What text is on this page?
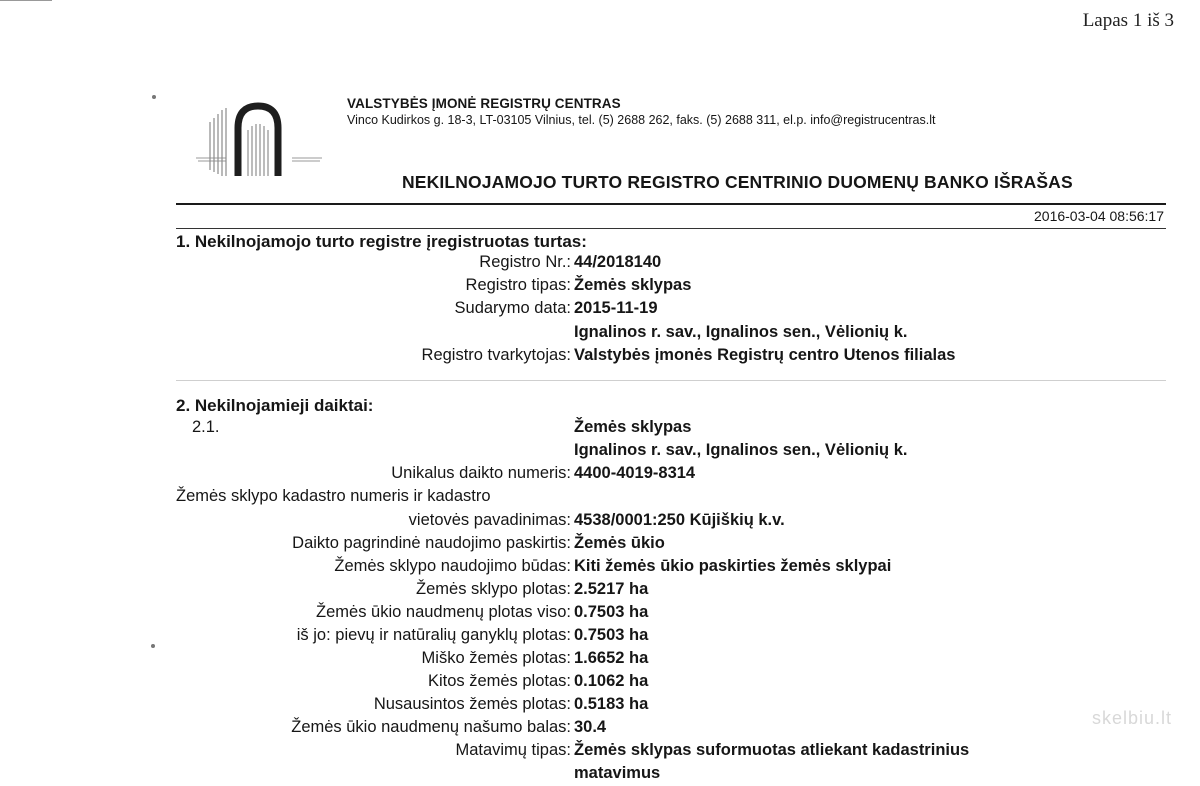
Lapas 1 iš 3
VALSTYBĖS ĮMONĖ REGISTRŲ CENTRAS
Vinco Kudirkos g. 18-3, LT-03105 Vilnius, tel. (5) 2688 262, faks. (5) 2688 311, el.p. info@registrucentras.lt
NEKILNOJAMOJO TURTO REGISTRO CENTRINIO DUOMENŲ BANKO IŠRAŠAS
2016-03-04 08:56:17
1. Nekilnojamojo turto registre įregistruotas turtas:
Registro Nr.: 44/2018140
Registro tipas: Žemės sklypas
Sudarymo data: 2015-11-19
Ignalinos r. sav., Ignalinos sen., Vėlionių k.
Registro tvarkytojas: Valstybės įmonės Registrų centro Utenos filialas
2. Nekilnojamieji daiktai:
2.1.	Žemės sklypas
Ignalinos r. sav., Ignalinos sen., Vėlionių k.
Unikalus daikto numeris: 4400-4019-8314
Žemės sklypo kadastro numeris ir kadastro
vietovės pavadinimas: 4538/0001:250 Kūjiškių k.v.
Daikto pagrindinė naudojimo paskirtis: Žemės ūkio
Žemės sklypo naudojimo būdas: Kiti žemės ūkio paskirties žemės sklypai
Žemės sklypo plotas: 2.5217 ha
Žemės ūkio naudmenų plotas viso: 0.7503 ha
iš jo: pievų ir natūralių ganyklų plotas: 0.7503 ha
Miško žemės plotas: 1.6652 ha
Kitos žemės plotas: 0.1062 ha
Nusausintos žemės plotas: 0.5183 ha
Žemės ūkio naudmenų našumo balas: 30.4
Matavimų tipas: Žemės sklypas suformuotas atliekant kadastrinius
matavimus
skelbiu.lt
